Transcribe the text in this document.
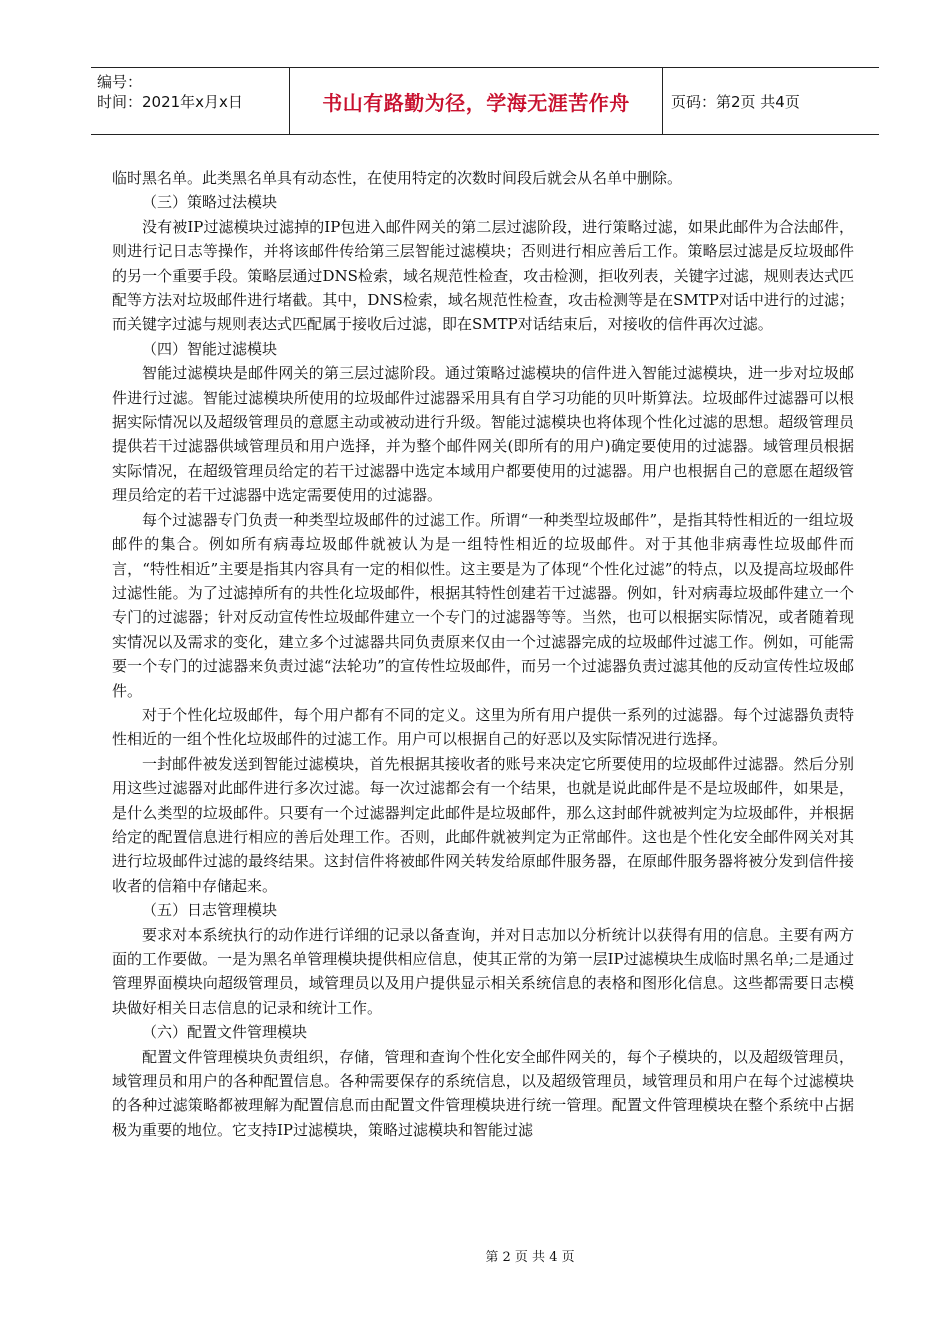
编号：
时间：2021年x月x日	书山有路勤为径，学海无涯苦作舟	页码：第2页 共4页

临时黑名单。此类黑名单具有动态性，在使用特定的次数时间段后就会从名单中删除。

（三）策略过法模块

没有被IP过滤模块过滤掉的IP包进入邮件网关的第二层过滤阶段，进行策略过滤，如果此邮件为合法邮件，则进行记日志等操作，并将该邮件传给第三层智能过滤模块；否则进行相应善后工作。策略层过滤是反垃圾邮件的另一个重要手段。策略层通过DNS检索，域名规范性检查，攻击检测，拒收列表，关键字过滤，规则表达式匹配等方法对垃圾邮件进行堵截。其中，DNS检索，域名规范性检查，攻击检测等是在SMTP对话中进行的过滤；而关键字过滤与规则表达式匹配属于接收后过滤，即在SMTP对话结束后，对接收的信件再次过滤。

（四）智能过滤模块

智能过滤模块是邮件网关的第三层过滤阶段。通过策略过滤模块的信件进入智能过滤模块，进一步对垃圾邮件进行过滤。智能过滤模块所使用的垃圾邮件过滤器采用具有自学习功能的贝叶斯算法。垃圾邮件过滤器可以根据实际情况以及超级管理员的意愿主动或被动进行升级。智能过滤模块也将体现个性化过滤的思想。超级管理员提供若干过滤器供域管理员和用户选择，并为整个邮件网关(即所有的用户)确定要使用的过滤器。域管理员根据实际情况，在超级管理员给定的若干过滤器中选定本域用户都要使用的过滤器。用户也根据自己的意愿在超级管理员给定的若干过滤器中选定需要使用的过滤器。

每个过滤器专门负责一种类型垃圾邮件的过滤工作。所谓“一种类型垃圾邮件”，是指其特性相近的一组垃圾邮件的集合。例如所有病毒垃圾邮件就被认为是一组特性相近的垃圾邮件。对于其他非病毒性垃圾邮件而言，“特性相近”主要是指其内容具有一定的相似性。这主要是为了体现“个性化过滤”的特点，以及提高垃圾邮件过滤性能。为了过滤掉所有的共性化垃圾邮件，根据其特性创建若干过滤器。例如，针对病毒垃圾邮件建立一个专门的过滤器；针对反动宣传性垃圾邮件建立一个专门的过滤器等等。当然，也可以根据实际情况，或者随着现实情况以及需求的变化，建立多个过滤器共同负责原来仅由一个过滤器完成的垃圾邮件过滤工作。例如，可能需要一个专门的过滤器来负责过滤“法轮功”的宣传性垃圾邮件，而另一个过滤器负责过滤其他的反动宣传性垃圾邮件。

对于个性化垃圾邮件，每个用户都有不同的定义。这里为所有用户提供一系列的过滤器。每个过滤器负责特性相近的一组个性化垃圾邮件的过滤工作。用户可以根据自己的好恶以及实际情况进行选择。

一封邮件被发送到智能过滤模块，首先根据其接收者的账号来决定它所要使用的垃圾邮件过滤器。然后分别用这些过滤器对此邮件进行多次过滤。每一次过滤都会有一个结果，也就是说此邮件是不是垃圾邮件，如果是，是什么类型的垃圾邮件。只要有一个过滤器判定此邮件是垃圾邮件，那么这封邮件就被判定为垃圾邮件，并根据给定的配置信息进行相应的善后处理工作。否则，此邮件就被判定为正常邮件。这也是个性化安全邮件网关对其进行垃圾邮件过滤的最终结果。这封信件将被邮件网关转发给原邮件服务器，在原邮件服务器将被分发到信件接收者的信箱中存储起来。

（五）日志管理模块

要求对本系统执行的动作进行详细的记录以备查询，并对日志加以分析统计以获得有用的信息。主要有两方面的工作要做。一是为黑名单管理模块提供相应信息，使其正常的为第一层IP过滤模块生成临时黑名单;二是通过管理界面模块向超级管理员，域管理员以及用户提供显示相关系统信息的表格和图形化信息。这些都需要日志模块做好相关日志信息的记录和统计工作。

（六）配置文件管理模块

配置文件管理模块负责组织，存储，管理和查询个性化安全邮件网关的，每个子模块的，以及超级管理员，域管理员和用户的各种配置信息。各种需要保存的系统信息，以及超级管理员，域管理员和用户在每个过滤模块的各种过滤策略都被理解为配置信息而由配置文件管理模块进行统一管理。配置文件管理模块在整个系统中占据极为重要的地位。它支持IP过滤模块，策略过滤模块和智能过滤

第 2 页 共 4 页
